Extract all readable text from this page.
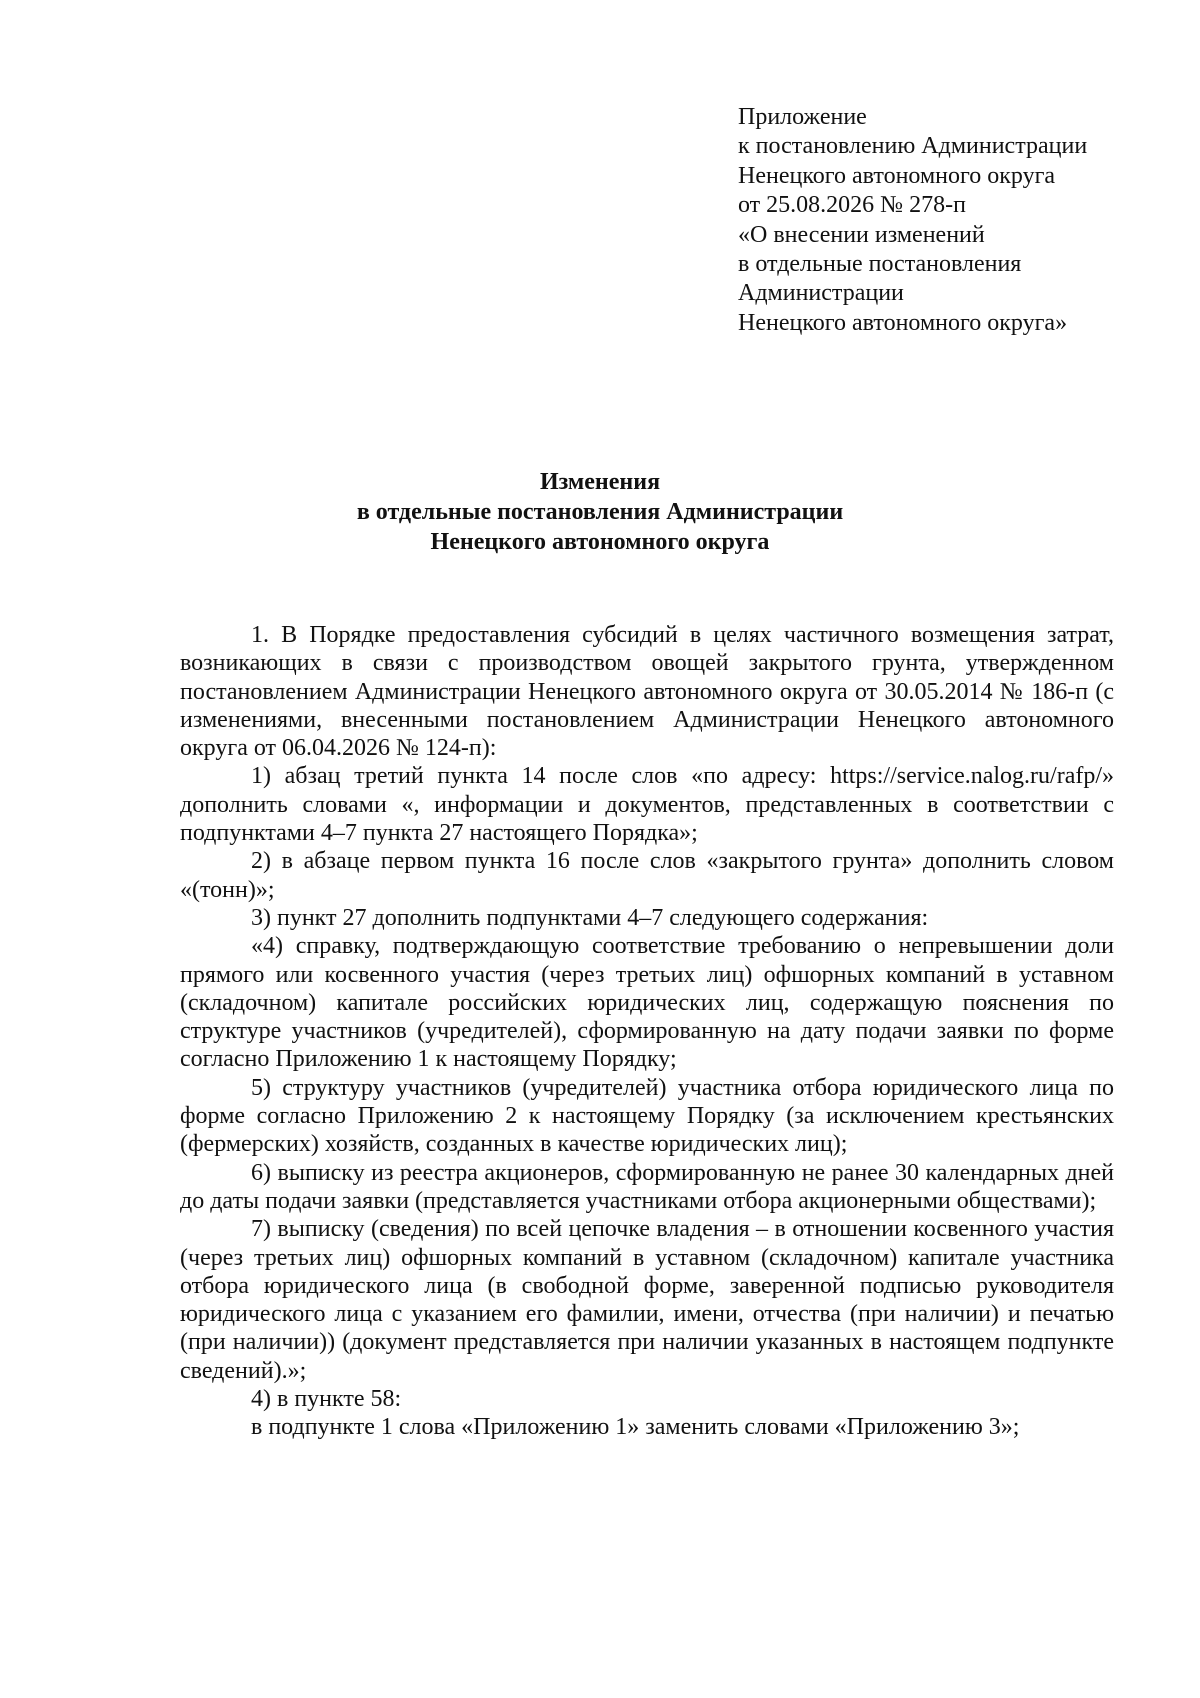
Приложение
к постановлению Администрации
Ненецкого автономного округа
от 25.08.2026 № 278-п
«О внесении изменений
в отдельные постановления
Администрации
Ненецкого автономного округа»
Изменения
в отдельные постановления Администрации
Ненецкого автономного округа

1. В Порядке предоставления субсидий в целях частичного возмещения затрат, возникающих в связи с производством овощей закрытого грунта, утвержденном постановлением Администрации Ненецкого автономного округа от 30.05.2014 № 186-п (с изменениями, внесенными постановлением Администрации Ненецкого автономного округа от 06.04.2026 № 124-п):

1) абзац третий пункта 14 после слов «по адресу: https://service.nalog.ru/rafp/» дополнить словами «, информации и документов, представленных в соответствии с подпунктами 4–7 пункта 27 настоящего Порядка»;

2) в абзаце первом пункта 16 после слов «закрытого грунта» дополнить словом «(тонн)»;

3) пункт 27 дополнить подпунктами 4–7 следующего содержания:

«4) справку, подтверждающую соответствие требованию о непревышении доли прямого или косвенного участия (через третьих лиц) офшорных компаний в уставном (складочном) капитале российских юридических лиц, содержащую пояснения по структуре участников (учредителей), сформированную на дату подачи заявки по форме согласно Приложению 1 к настоящему Порядку;

5) структуру участников (учредителей) участника отбора юридического лица по форме согласно Приложению 2 к настоящему Порядку (за исключением крестьянских (фермерских) хозяйств, созданных в качестве юридических лиц);

6) выписку из реестра акционеров, сформированную не ранее 30 календарных дней до даты подачи заявки (представляется участниками отбора акционерными обществами);

7) выписку (сведения) по всей цепочке владения – в отношении косвенного участия (через третьих лиц) офшорных компаний в уставном (складочном) капитале участника отбора юридического лица (в свободной форме, заверенной подписью руководителя юридического лица с указанием его фамилии, имени, отчества (при наличии) и печатью (при наличии)) (документ представляется при наличии указанных в настоящем подпункте сведений).»;

4) в пункте 58:

в подпункте 1 слова «Приложению 1» заменить словами «Приложению 3»;
